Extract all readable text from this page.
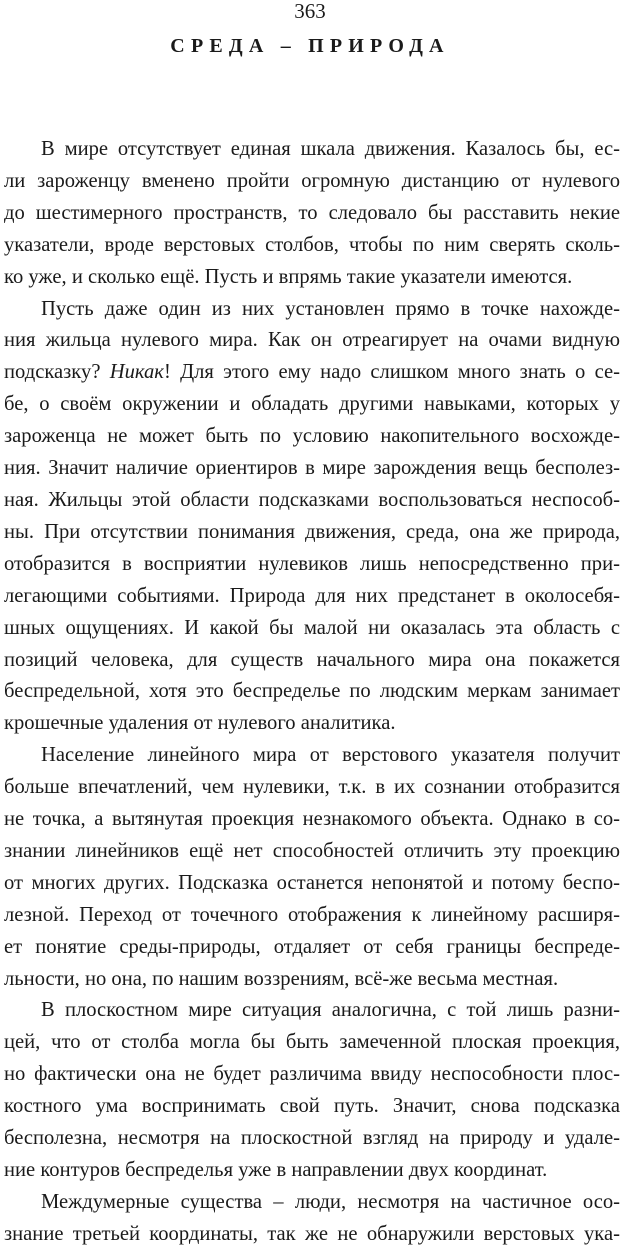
363
СРЕДА – ПРИРОДА
В мире отсутствует единая шкала движения. Казалось бы, ес-
ли зароженцу вменено пройти огромную дистанцию от нулевого
до шестимерного пространств, то следовало бы расставить некие
указатели, вроде верстовых столбов, чтобы по ним сверять сколь-
ко уже, и сколько ещё. Пусть и впрямь такие указатели имеются.
Пусть даже один из них установлен прямо в точке нахожде-
ния жильца нулевого мира. Как он отреагирует на очами видную
подсказку? Никак! Для этого ему надо слишком много знать о се-
бе, о своём окружении и обладать другими навыками, которых у
зароженца не может быть по условию накопительного восхожде-
ния. Значит наличие ориентиров в мире зарождения вещь бесполез-
ная. Жильцы этой области подсказками воспользоваться неспособ-
ны. При отсутствии понимания движения, среда, она же природа,
отобразится в восприятии нулевиков лишь непосредственно при-
легающими событиями. Природа для них предстанет в околосебя-
шных ощущениях. И какой бы малой ни оказалась эта область с
позиций человека, для существ начального мира она покажется
беспредельной, хотя это беспределье по людским меркам занимает
крошечные удаления от нулевого аналитика.
Население линейного мира от верстового указателя получит
больше впечатлений, чем нулевики, т.к. в их сознании отобразится
не точка, а вытянутая проекция незнакомого объекта. Однако в со-
знании линейников ещё нет способностей отличить эту проекцию
от многих других. Подсказка останется непонятой и потому беспо-
лезной. Переход от точечного отображения к линейному расширя-
ет понятие среды-природы, отдаляет от себя границы беспреде-
льности, но она, по нашим воззрениям, всё-же весьма местная.
В плоскостном мире ситуация аналогична, с той лишь разни-
цей, что от столба могла бы быть замеченной плоская проекция,
но фактически она не будет различима ввиду неспособности плос-
костного ума воспринимать свой путь. Значит, снова подсказка
бесполезна, несмотря на плоскостной взгляд на природу и удале-
ние контуров беспределья уже в направлении двух координат.
Междумерные существа – люди, несмотря на частичное осо-
знание третьей координаты, так же не обнаружили верстовых ука-
